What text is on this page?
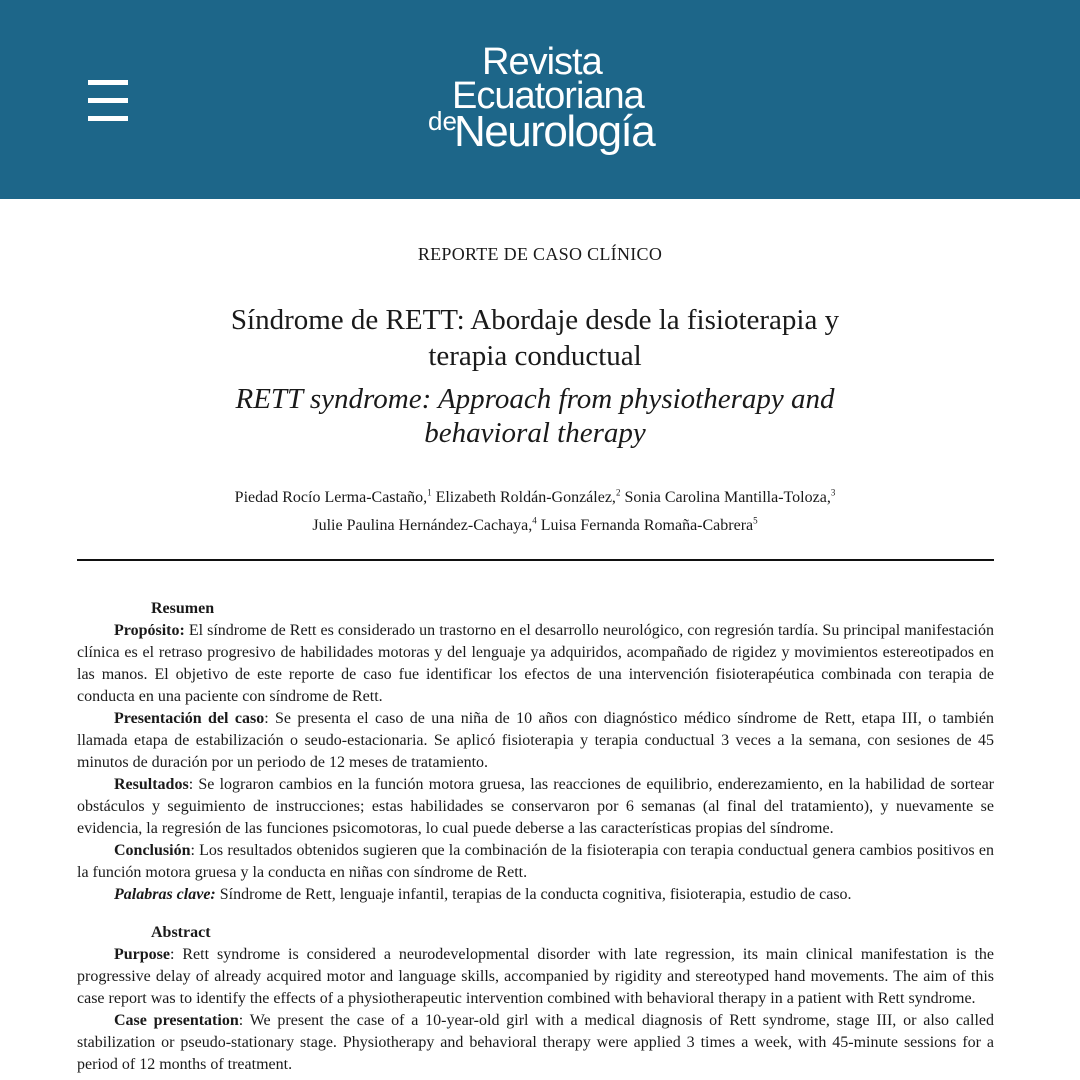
Revista
Ecuatoriana
de
Neurología
REPORTE DE CASO CLÍNICO
Síndrome de RETT: Abordaje desde la fisioterapia y terapia conductual
RETT syndrome: Approach from physiotherapy and behavioral therapy
Piedad Rocío Lerma-Castaño,$^1$ Elizabeth Roldán-González,$^2$ Sonia Carolina Mantilla-Toloza,$^3$
Julie Paulina Hernández-Cachaya,$^4$ Luisa Fernanda Romaña-Cabrera$^5$

Resumen

Propósito: El síndrome de Rett es considerado un trastorno en el desarrollo neurológico, con regresión tardía. Su principal manifestación clínica es el retraso progresivo de habilidades motoras y del lenguaje ya adquiridos, acompañado de rigidez y movimientos estereotipados en las manos. El objetivo de este reporte de caso fue identificar los efectos de una intervención fisioterapéutica combinada con terapia de conducta en una paciente con síndrome de Rett.

Presentación del caso: Se presenta el caso de una niña de 10 años con diagnóstico médico síndrome de Rett, etapa III, o también llamada etapa de estabilización o seudo-estacionaria. Se aplicó fisioterapia y terapia conductual 3 veces a la semana, con sesiones de 45 minutos de duración por un periodo de 12 meses de tratamiento.

Resultados: Se lograron cambios en la función motora gruesa, las reacciones de equilibrio, enderezamiento, en la habilidad de sortear obstáculos y seguimiento de instrucciones; estas habilidades se conservaron por 6 semanas (al final del tratamiento), y nuevamente se evidencia, la regresión de las funciones psicomotoras, lo cual puede deberse a las características propias del síndrome.

Conclusión: Los resultados obtenidos sugieren que la combinación de la fisioterapia con terapia conductual genera cambios positivos en la función motora gruesa y la conducta en niñas con síndrome de Rett.

Palabras clave: Síndrome de Rett, lenguaje infantil, terapias de la conducta cognitiva, fisioterapia, estudio de caso.

Abstract

Purpose: Rett syndrome is considered a neurodevelopmental disorder with late regression, its main clinical manifestation is the progressive delay of already acquired motor and language skills, accompanied by rigidity and stereotyped hand movements. The aim of this case report was to identify the effects of a physiotherapeutic intervention combined with behavioral therapy in a patient with Rett syndrome.

Case presentation: We present the case of a 10-year-old girl with a medical diagnosis of Rett syndrome, stage III, or also called stabilization or pseudo-stationary stage. Physiotherapy and behavioral therapy were applied 3 times a week, with 45-minute sessions for a period of 12 months of treatment.
